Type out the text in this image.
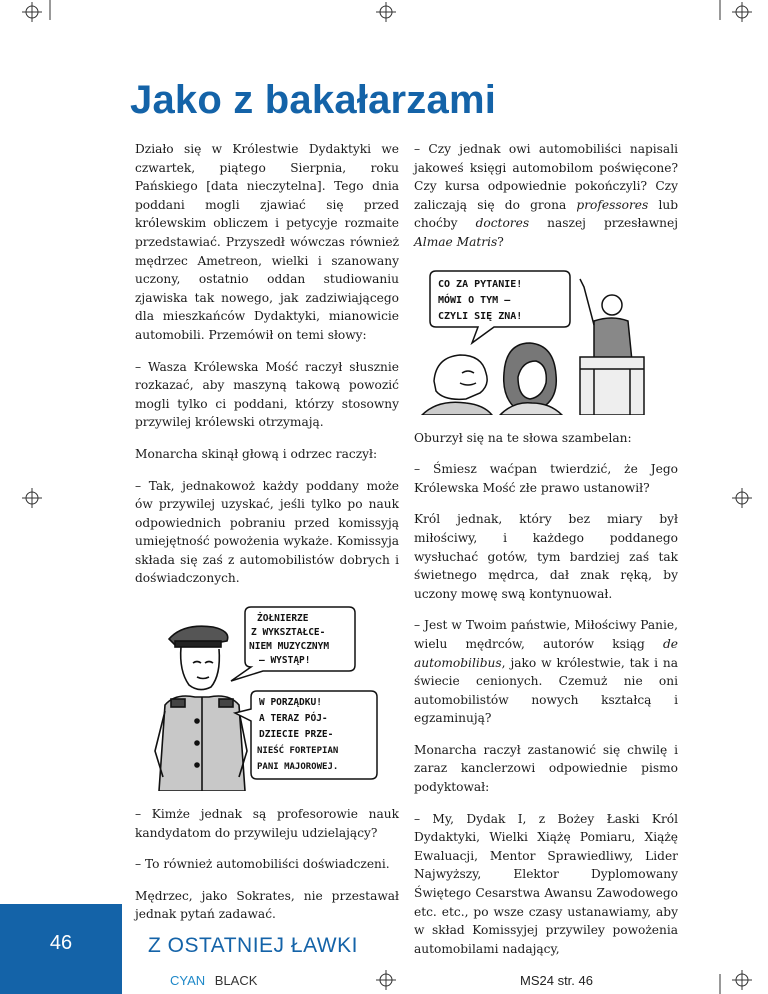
Jako z bakałarzami

Działo się w Królestwie Dydaktyki we czwartek, piątego Sierpnia, roku Pańskiego [data nieczytelna]. Tego dnia poddani mogli zjawiać się przed królewskim obliczem i petycyje rozmaite przedstawiać. Przyszedł wówczas również mędrzec Ametreon, wielki i szanowany uczony, ostatnio oddan studiowaniu zjawiska tak nowego, jak zadziwiającego dla mieszkańców Dydaktyki, mianowicie automobili. Przemówił on temi słowy:

– Wasza Królewska Mość raczył słusznie rozkazać, aby maszyną takową powozić mogli tylko ci poddani, którzy stosowny przywilej królewski otrzymają.

Monarcha skinął głową i odrzec raczył:

– Tak, jednakowoż każdy poddany może ów przywilej uzyskać, jeśli tylko po nauk odpowiednich pobraniu przed komissyją umiejętność powożenia wykaże. Komissyja składa się zaś z automobilistów dobrych i doświadczonych.

ŻOŁNIERZE
Z WYKSZTAŁCE-
NIEM MUZYCZNYM
– WYSTĄP!
W PORZĄDKU!
A TERAZ PÓJ-
DZIECIE PRZE-
NIEŚĆ FORTEPIAN
PANI MAJOROWEJ.

– Kimże jednak są profesorowie nauk kandydatom do przywileju udzielający?

– To również automobiliści doświadczeni.

Mędrzec, jako Sokrates, nie przestawał jednak pytań zadawać.

– Czy jednak owi automobiliści napisali jakoweś księgi automobilom poświęcone? Czy kursa odpowiednie pokończyli? Czy zaliczają się do grona professores lub choćby doctores naszej przesławnej Almae Matris?

CO ZA PYTANIE!
MÓWI O TYM –
CZYLI SIĘ ZNA!

Oburzył się na te słowa szambelan:

– Śmiesz waćpan twierdzić, że Jego Królewska Mość złe prawo ustanowił?

Król jednak, który bez miary był miłościwy, i każdego poddanego wysłuchać gotów, tym bardziej zaś tak świetnego mędrca, dał znak ręką, by uczony mowę swą kontynuował.

– Jest w Twoim państwie, Miłościwy Panie, wielu mędrców, autorów ksiąg de automobilibus, jako w królestwie, tak i na świecie cenionych. Czemuż nie oni automobilistów nowych kształcą i egzaminują?

Monarcha raczył zastanowić się chwilę i zaraz kanclerzowi odpowiednie pismo podyktował:

– My, Dydak I, z Bożey Łaski Król Dydaktyki, Wielki Xiążę Pomiaru, Xiążę Ewaluacji, Mentor Sprawiedliwy, Lider Najwyższy, Elektor Dyplomowany Świętego Cesarstwa Awansu Zawodowego etc. etc., po wsze czasy ustanawiamy, aby w skład Komissyjej przywiley powożenia automobilami nadający,

46	Z OSTATNIEJ ŁAWKI
CYAN BLACK	MS24 str. 46
